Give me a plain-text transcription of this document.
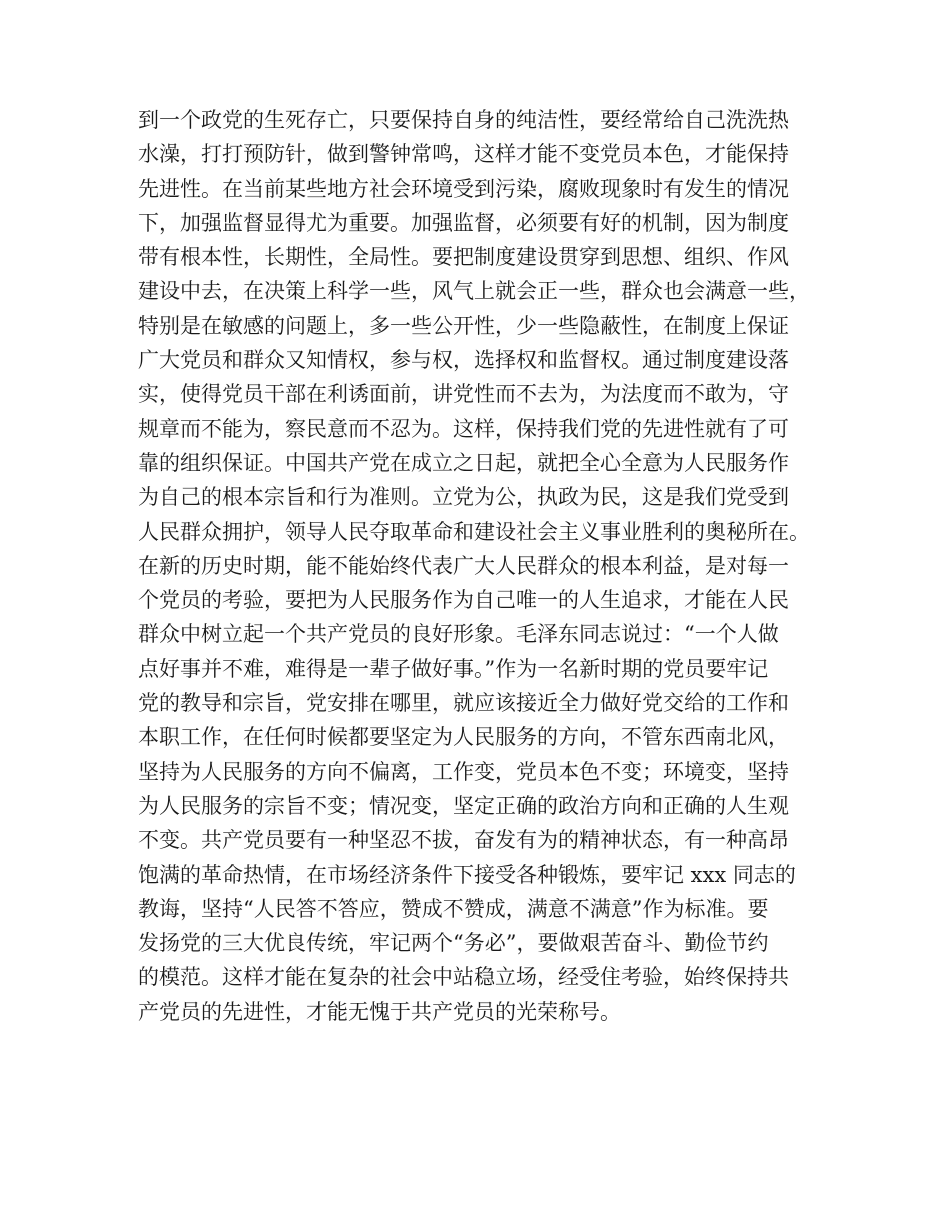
到一个政党的生死存亡，只要保持自身的纯洁性，要经常给自己洗洗热
水澡，打打预防针，做到警钟常鸣，这样才能不变党员本色，才能保持
先进性。在当前某些地方社会环境受到污染，腐败现象时有发生的情况
下，加强监督显得尤为重要。加强监督，必须要有好的机制，因为制度
带有根本性，长期性，全局性。要把制度建设贯穿到思想、组织、作风
建设中去，在决策上科学一些，风气上就会正一些，群众也会满意一些，
特别是在敏感的问题上，多一些公开性，少一些隐蔽性，在制度上保证
广大党员和群众又知情权，参与权，选择权和监督权。通过制度建设落
实，使得党员干部在利诱面前，讲党性而不去为，为法度而不敢为，守
规章而不能为，察民意而不忍为。这样，保持我们党的先进性就有了可
靠的组织保证。中国共产党在成立之日起，就把全心全意为人民服务作
为自己的根本宗旨和行为准则。立党为公，执政为民，这是我们党受到
人民群众拥护，领导人民夺取革命和建设社会主义事业胜利的奥秘所在。
在新的历史时期，能不能始终代表广大人民群众的根本利益，是对每一
个党员的考验，要把为人民服务作为自己唯一的人生追求，才能在人民
群众中树立起一个共产党员的良好形象。毛泽东同志说过：“一个人做
点好事并不难，难得是一辈子做好事。”作为一名新时期的党员要牢记
党的教导和宗旨，党安排在哪里，就应该接近全力做好党交给的工作和
本职工作，在任何时候都要坚定为人民服务的方向，不管东西南北风，
坚持为人民服务的方向不偏离，工作变，党员本色不变；环境变，坚持
为人民服务的宗旨不变；情况变，坚定正确的政治方向和正确的人生观
不变。共产党员要有一种坚忍不拔，奋发有为的精神状态，有一种高昂
饱满的革命热情，在市场经济条件下接受各种锻炼，要牢记 xxx 同志的
教诲，坚持“人民答不答应，赞成不赞成，满意不满意”作为标准。要
发扬党的三大优良传统，牢记两个“务必”，要做艰苦奋斗、勤俭节约
的模范。这样才能在复杂的社会中站稳立场，经受住考验，始终保持共
产党员的先进性，才能无愧于共产党员的光荣称号。
